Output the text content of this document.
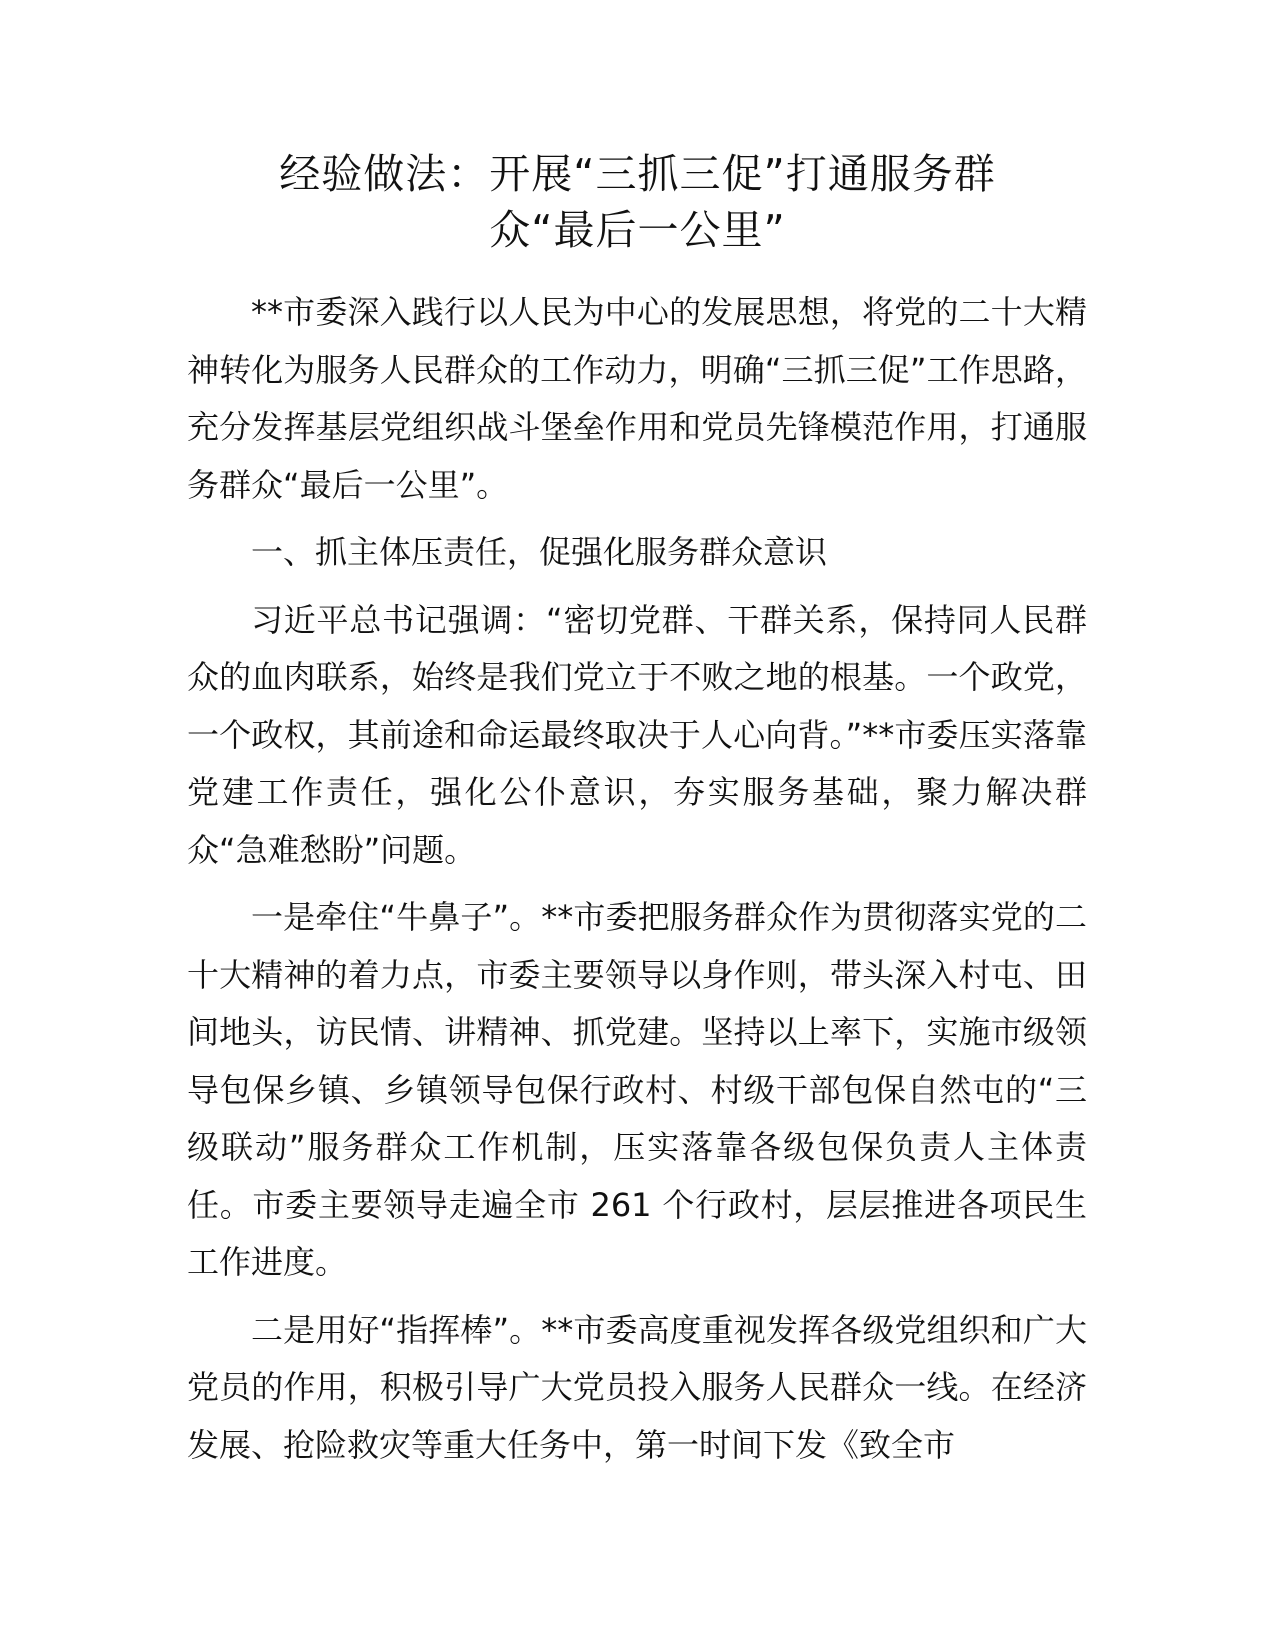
经验做法：开展“三抓三促”打通服务群
众“最后一公里”

**市委深入践行以人民为中心的发展思想，将党的二十大精神转化为服务人民群众的工作动力，明确“三抓三促”工作思路，充分发挥基层党组织战斗堡垒作用和党员先锋模范作用，打通服务群众“最后一公里”。

一、抓主体压责任，促强化服务群众意识

习近平总书记强调：“密切党群、干群关系，保持同人民群众的血肉联系，始终是我们党立于不败之地的根基。一个政党，一个政权，其前途和命运最终取决于人心向背。”**市委压实落靠党建工作责任，强化公仆意识，夯实服务基础，聚力解决群众“急难愁盼”问题。

一是牵住“牛鼻子”。**市委把服务群众作为贯彻落实党的二十大精神的着力点，市委主要领导以身作则，带头深入村屯、田间地头，访民情、讲精神、抓党建。坚持以上率下，实施市级领导包保乡镇、乡镇领导包保行政村、村级干部包保自然屯的“三级联动”服务群众工作机制，压实落靠各级包保负责人主体责任。市委主要领导走遍全市 261 个行政村，层层推进各项民生工作进度。

二是用好“指挥棒”。**市委高度重视发挥各级党组织和广大党员的作用，积极引导广大党员投入服务人民群众一线。在经济发展、抢险救灾等重大任务中，第一时间下发《致全市
